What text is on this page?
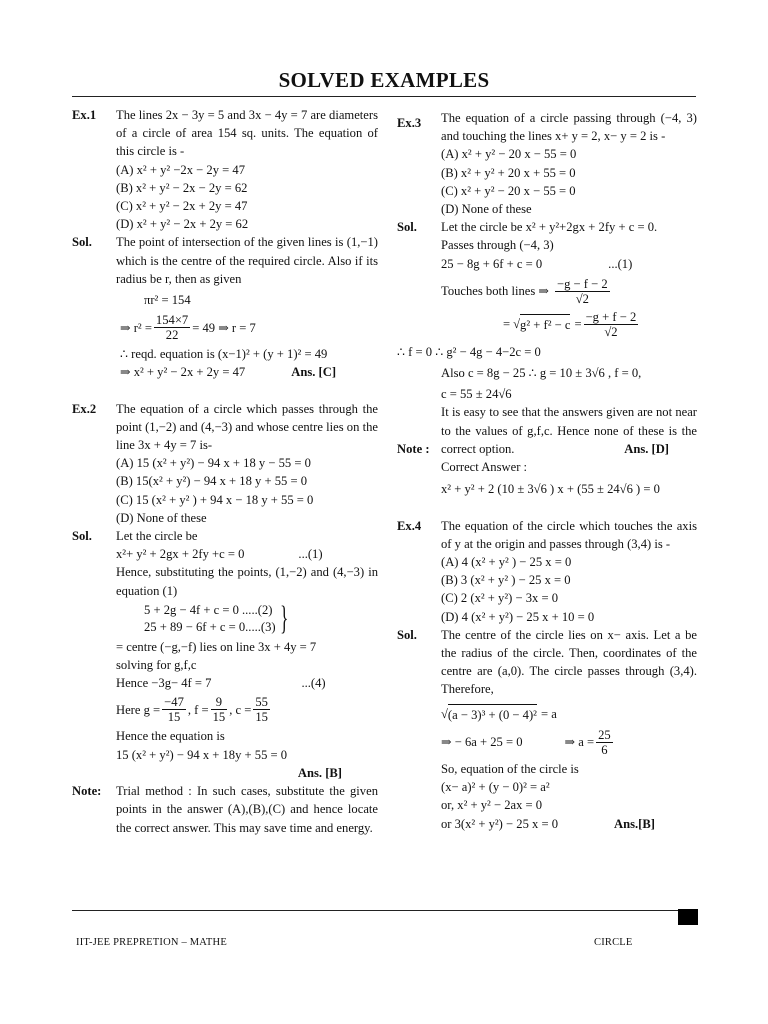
SOLVED EXAMPLES
Ex.1 The lines 2x − 3y = 5 and 3x − 4y = 7 are diameters of a circle of area 154 sq. units. The equation of this circle is -

(A) x² + y² −2x − 2y = 47

(B) x² + y² − 2x − 2y = 62

(C) x² + y² − 2x + 2y = 47

(D) x² + y² − 2x + 2y = 62

Sol. The point of intersection of the given lines is (1,−1) which is the centre of the required circle. Also if its radius be r, then as given

πr² = 154

⇒ $r^2 = \frac{154\times 7}{22} = 49$ ⇒ r = 7

∴ reqd. equation is (x−1)² + (y + 1)² = 49

⇒ x² + y² − 2x + 2y = 47	Ans. [C]
Ex.2 The equation of a circle which passes through the point (1,−2) and (4,−3) and whose centre lies on the line 3x + 4y = 7 is-

(A) 15 (x² + y²) − 94 x + 18 y − 55 = 0

(B) 15(x² + y²) − 94 x + 18 y + 55 = 0

(C) 15 (x² + y² ) + 94 x − 18 y + 55 = 0

(D) None of these

Sol. Let the circle be

x²+ y² + 2gx + 2fy +c = 0	...(1)

Hence, substituting the points, (1,−2) and (4,−3) in equation (1)

5 + 2g − 4f + c = 0 .....(2)
25 + 89 − 6f + c = 0.....(3) }

= centre (−g,−f) lies on line 3x + 4y = 7

solving for g,f,c

Hence −3g− 4f = 7	...(4)
Here $g = \frac{-47}{15}$ , $f = \frac{9}{15}$ , $c = \frac{55}{15}$

Hence the equation is

15 (x² + y²) − 94 x + 18y + 55 = 0

Ans. [B]

Note: Trial method : In such cases, substitute the given points in the answer (A),(B),(C) and hence locate the correct answer. This may save time and energy.

Ex.3 The equation of a circle passing through (−4, 3) and touching the lines x+ y = 2, x− y = 2 is -

(A) x² + y² − 20 x − 55 = 0

(B) x² + y² + 20 x + 55 = 0

(C) x² + y² − 20 x − 55 = 0

(D) None of these

Sol. Let the circle be x² + y²+2gx + 2fy + c = 0.

Passes through (−4, 3)

25 − 8g + 6f + c = 0	...(1)
Touches both lines ⇒ $\frac{-g - f - 2}{√2}$
= √ $g^2 + f^2 - c = \frac{-g + f - 2}{√2}$

∴ f = 0 ∴ g² − 4g − 4−2c = 0

Also c = 8g − 25 ∴ g = 10 ± 3√6 , f = 0,

c = 55 ± 24√6

It is easy to see that the answers given are not near to the values of g,f,c. Hence none of these is the correct option.

Note :	Ans. [D]

Correct Answer :

x² + y² + 2 (10 ± 3√6 ) x + (55 ± 24√6 ) = 0

Ex.4 The equation of the circle which touches the axis of y at the origin and passes through (3,4) is -

(A) 4 (x² + y² ) − 25 x = 0

(B) 3 (x² + y² ) − 25 x = 0

(C) 2 (x² + y²) − 3x = 0

(D) 4 (x² + y²) − 25 x + 10 = 0

Sol. The centre of the circle lies on x− axis. Let a be the radius of the circle. Then, coordinates of the centre are (a,0). The circle passes through (3,4). Therefore,

√ (a − 3)³ + (0 − 4)² = a
⇒ − 6a + 25 = 0	⇒ $a = \frac{25}{6}$

So, equation of the circle is

(x− a)² + (y − 0)² = a²

or, x² + y² − 2ax = 0

or 3(x² + y²) − 25 x = 0	Ans.[B]
IIT-JEE PREPRETION – MATHE	CIRCLE
